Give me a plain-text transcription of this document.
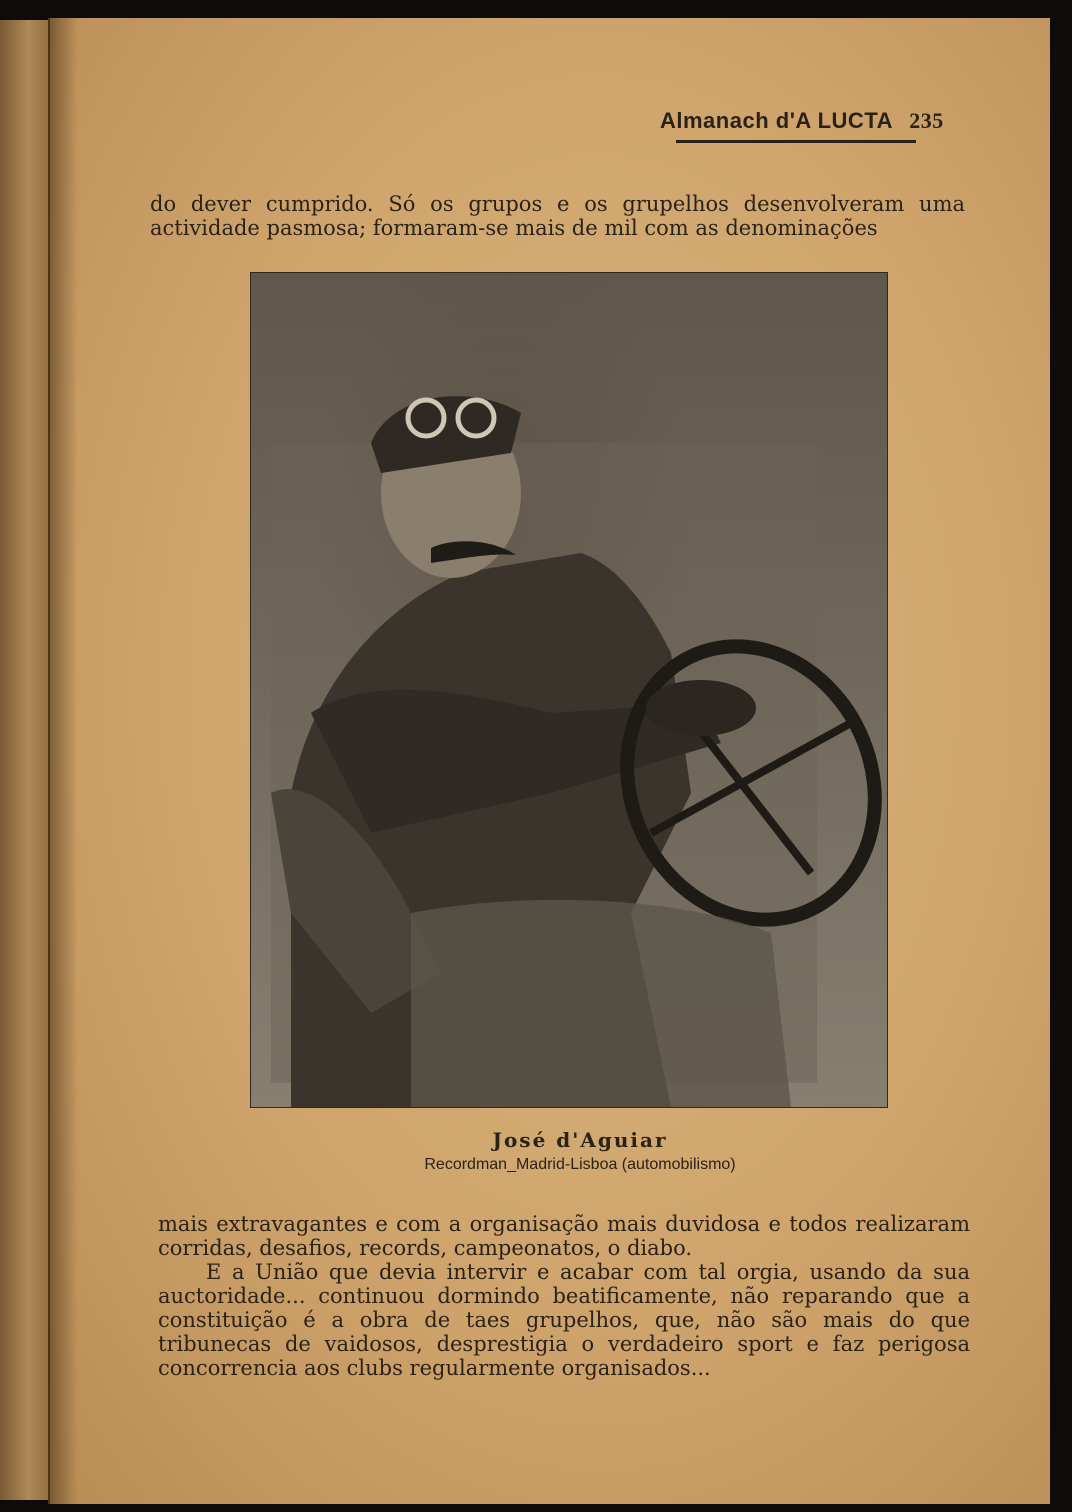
Almanach d'A LUCTA 235
do dever cumprido. Só os grupos e os grupelhos desenvolveram uma actividade pasmosa; formaram-se mais de mil com as denominações
José d'Aguiar
Recordman_Madrid-Lisboa (automobilismo)

mais extravagantes e com a organisação mais duvidosa e todos realizaram corridas, desafios, records, campeonatos, o diabo.

E a União que devia intervir e acabar com tal orgia, usando da sua auctoridade... continuou dormindo beatificamente, não reparando que a constituição é a obra de taes grupelhos, que, não são mais do que tribunecas de vaidosos, desprestigia o verdadeiro sport e faz perigosa concorrencia aos clubs regularmente organisados...
